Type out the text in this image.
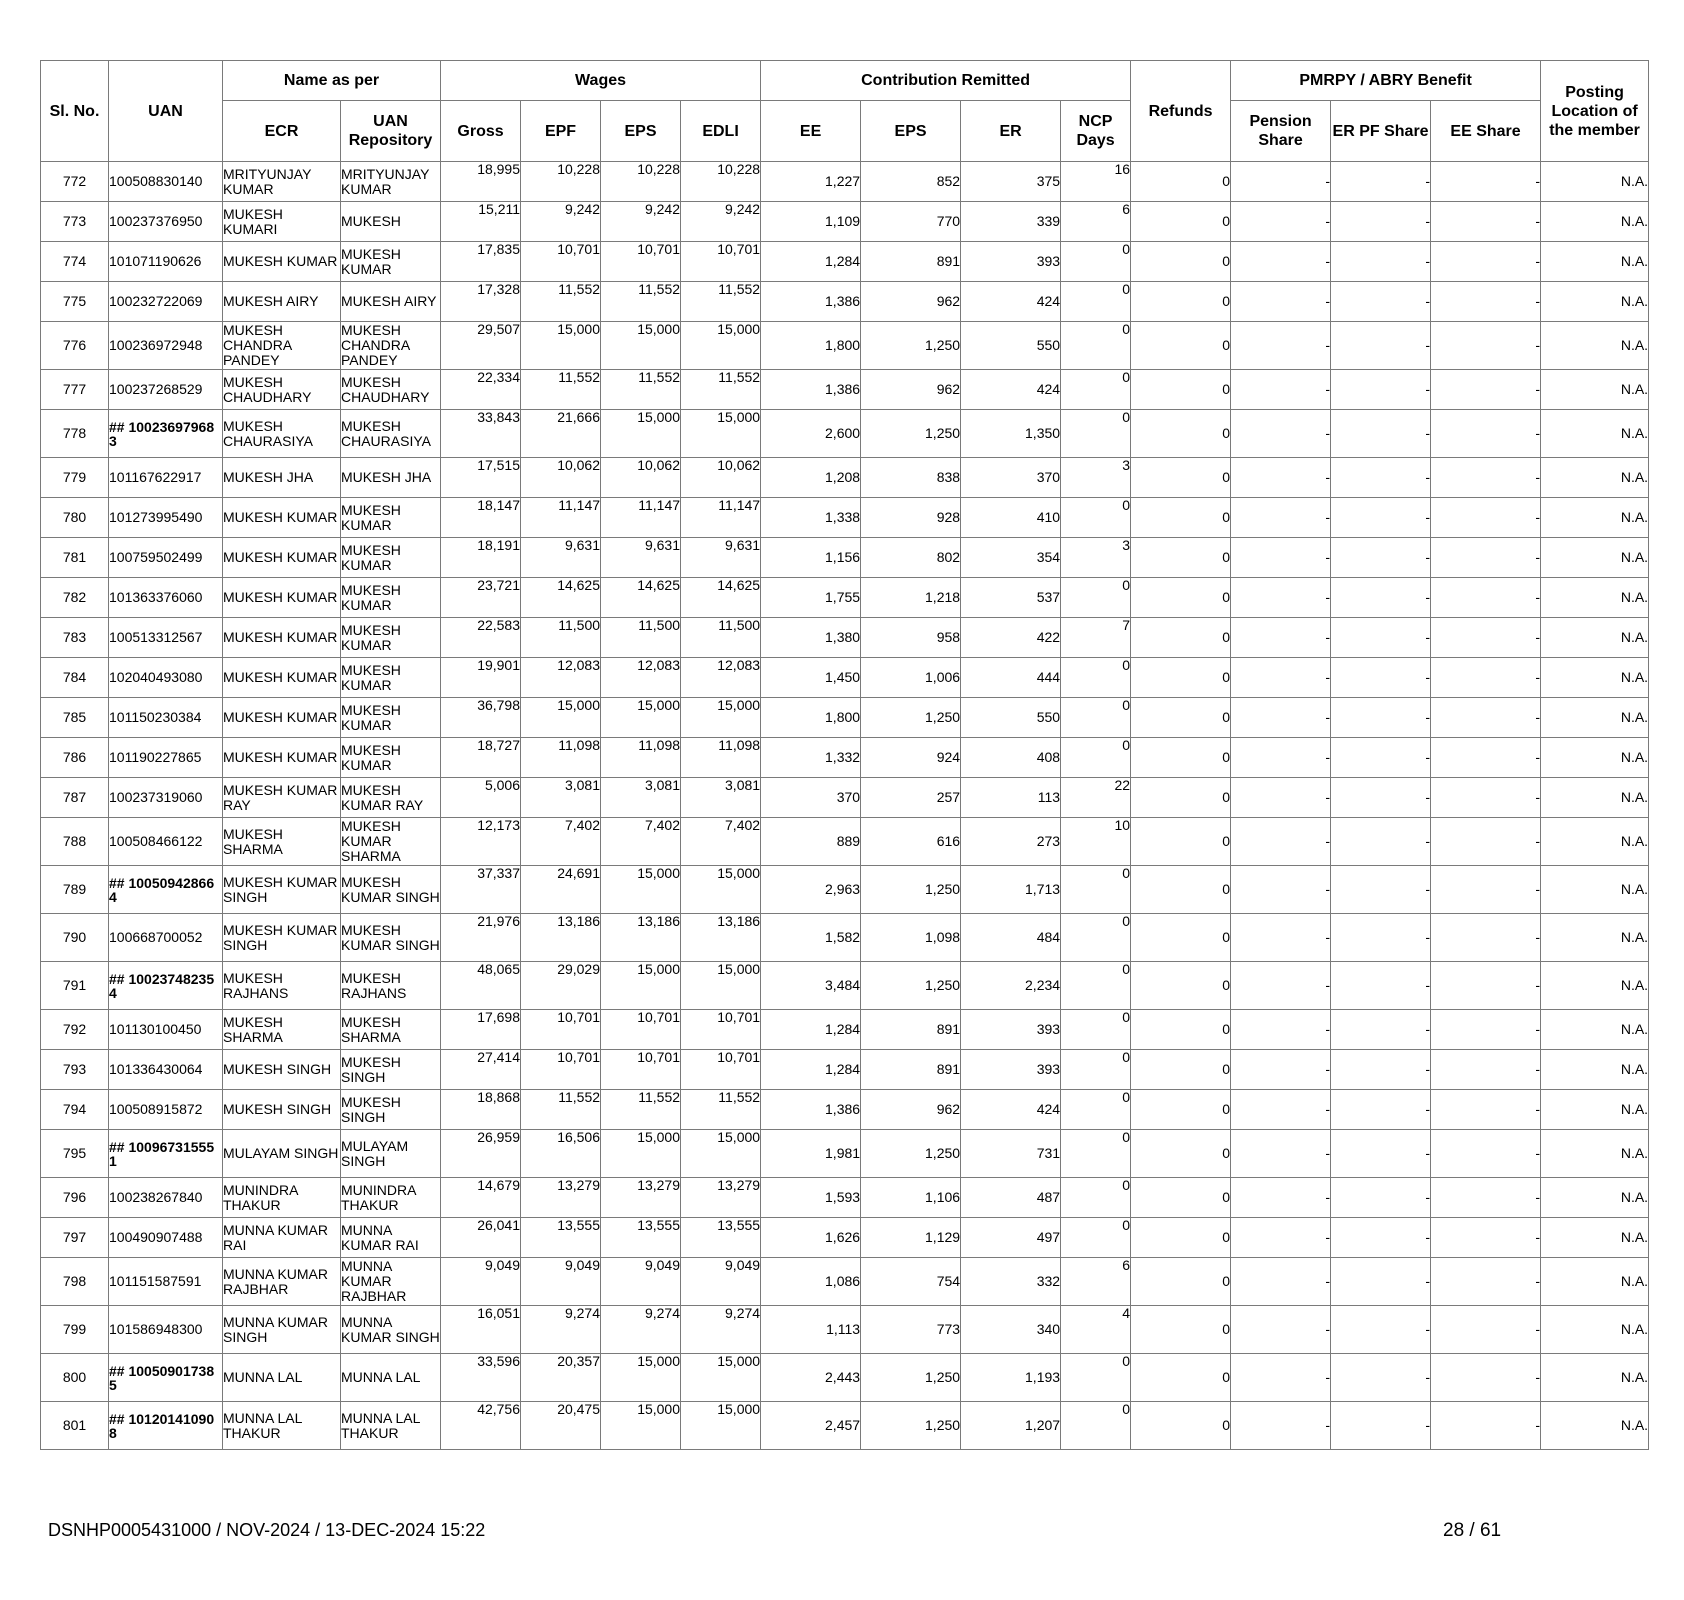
Sl. No.	UAN	Name as per		Wages				Contribution Remitted				Refunds	PMRPY / ABRY Benefit			Posting Location of the member
		ECR	UAN Repository	Gross	EPF	EPS	EDLI	EE	EPS	ER	NCP Days		Pension Share	ER PF Share	EE Share	
772	100508830140	MRITYUNJAY KUMAR	MRITYUNJAY KUMAR	18,995	10,228	10,228	10,228	1,227	852	375	16	0	-	-	-	N.A.
773	100237376950	MUKESH KUMARI	MUKESH	15,211	9,242	9,242	9,242	1,109	770	339	6	0	-	-	-	N.A.
774	101071190626	MUKESH KUMAR	MUKESH KUMAR	17,835	10,701	10,701	10,701	1,284	891	393	0	0	-	-	-	N.A.
775	100232722069	MUKESH AIRY	MUKESH AIRY	17,328	11,552	11,552	11,552	1,386	962	424	0	0	-	-	-	N.A.
776	100236972948	MUKESH CHANDRA PANDEY	MUKESH CHANDRA PANDEY	29,507	15,000	15,000	15,000	1,800	1,250	550	0	0	-	-	-	N.A.
777	100237268529	MUKESH CHAUDHARY	MUKESH CHAUDHARY	22,334	11,552	11,552	11,552	1,386	962	424	0	0	-	-	-	N.A.
778	## 10023697968 3	MUKESH CHAURASIYA	MUKESH CHAURASIYA	33,843	21,666	15,000	15,000	2,600	1,250	1,350	0	0	-	-	-	N.A.
779	101167622917	MUKESH JHA	MUKESH JHA	17,515	10,062	10,062	10,062	1,208	838	370	3	0	-	-	-	N.A.
780	101273995490	MUKESH KUMAR	MUKESH KUMAR	18,147	11,147	11,147	11,147	1,338	928	410	0	0	-	-	-	N.A.
781	100759502499	MUKESH KUMAR	MUKESH KUMAR	18,191	9,631	9,631	9,631	1,156	802	354	3	0	-	-	-	N.A.
782	101363376060	MUKESH KUMAR	MUKESH KUMAR	23,721	14,625	14,625	14,625	1,755	1,218	537	0	0	-	-	-	N.A.
783	100513312567	MUKESH KUMAR	MUKESH KUMAR	22,583	11,500	11,500	11,500	1,380	958	422	7	0	-	-	-	N.A.
784	102040493080	MUKESH KUMAR	MUKESH KUMAR	19,901	12,083	12,083	12,083	1,450	1,006	444	0	0	-	-	-	N.A.
785	101150230384	MUKESH KUMAR	MUKESH KUMAR	36,798	15,000	15,000	15,000	1,800	1,250	550	0	0	-	-	-	N.A.
786	101190227865	MUKESH KUMAR	MUKESH KUMAR	18,727	11,098	11,098	11,098	1,332	924	408	0	0	-	-	-	N.A.
787	100237319060	MUKESH KUMAR RAY	MUKESH KUMAR RAY	5,006	3,081	3,081	3,081	370	257	113	22	0	-	-	-	N.A.
788	100508466122	MUKESH SHARMA	MUKESH KUMAR SHARMA	12,173	7,402	7,402	7,402	889	616	273	10	0	-	-	-	N.A.
789	## 10050942866 4	MUKESH KUMAR SINGH	MUKESH KUMAR SINGH	37,337	24,691	15,000	15,000	2,963	1,250	1,713	0	0	-	-	-	N.A.
790	100668700052	MUKESH KUMAR SINGH	MUKESH KUMAR SINGH	21,976	13,186	13,186	13,186	1,582	1,098	484	0	0	-	-	-	N.A.
791	## 10023748235 4	MUKESH RAJHANS	MUKESH RAJHANS	48,065	29,029	15,000	15,000	3,484	1,250	2,234	0	0	-	-	-	N.A.
792	101130100450	MUKESH SHARMA	MUKESH SHARMA	17,698	10,701	10,701	10,701	1,284	891	393	0	0	-	-	-	N.A.
793	101336430064	MUKESH SINGH	MUKESH SINGH	27,414	10,701	10,701	10,701	1,284	891	393	0	0	-	-	-	N.A.
794	100508915872	MUKESH SINGH	MUKESH SINGH	18,868	11,552	11,552	11,552	1,386	962	424	0	0	-	-	-	N.A.
795	## 10096731555 1	MULAYAM SINGH	MULAYAM SINGH	26,959	16,506	15,000	15,000	1,981	1,250	731	0	0	-	-	-	N.A.
796	100238267840	MUNINDRA THAKUR	MUNINDRA THAKUR	14,679	13,279	13,279	13,279	1,593	1,106	487	0	0	-	-	-	N.A.
797	100490907488	MUNNA KUMAR RAI	MUNNA KUMAR RAI	26,041	13,555	13,555	13,555	1,626	1,129	497	0	0	-	-	-	N.A.
798	101151587591	MUNNA KUMAR RAJBHAR	MUNNA KUMAR RAJBHAR	9,049	9,049	9,049	9,049	1,086	754	332	6	0	-	-	-	N.A.
799	101586948300	MUNNA KUMAR SINGH	MUNNA KUMAR SINGH	16,051	9,274	9,274	9,274	1,113	773	340	4	0	-	-	-	N.A.
800	## 10050901738 5	MUNNA LAL	MUNNA LAL	33,596	20,357	15,000	15,000	2,443	1,250	1,193	0	0	-	-	-	N.A.
801	## 10120141090 8	MUNNA LAL THAKUR	MUNNA LAL THAKUR	42,756	20,475	15,000	15,000	2,457	1,250	1,207	0	0	-	-	-	N.A.
DSNHP0005431000 / NOV-2024 / 13-DEC-2024 15:22	28 / 61
